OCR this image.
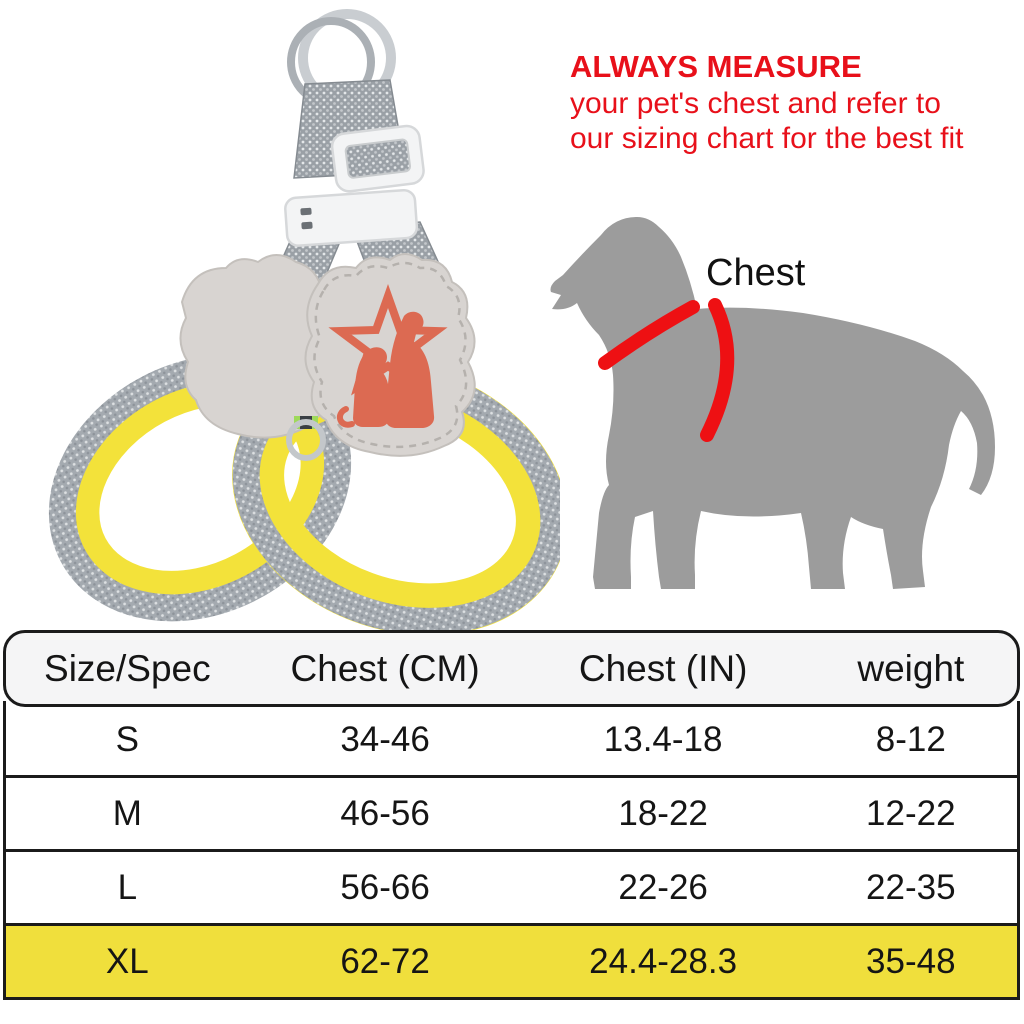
ALWAYS MEASURE
your pet's chest and refer to
our sizing chart for the best fit
Chest
Size/Spec	Chest (CM)	Chest (IN)	weight
S	34-46	13.4-18	8-12
M	46-56	18-22	12-22
L	56-66	22-26	22-35
XL	62-72	24.4-28.3	35-48
